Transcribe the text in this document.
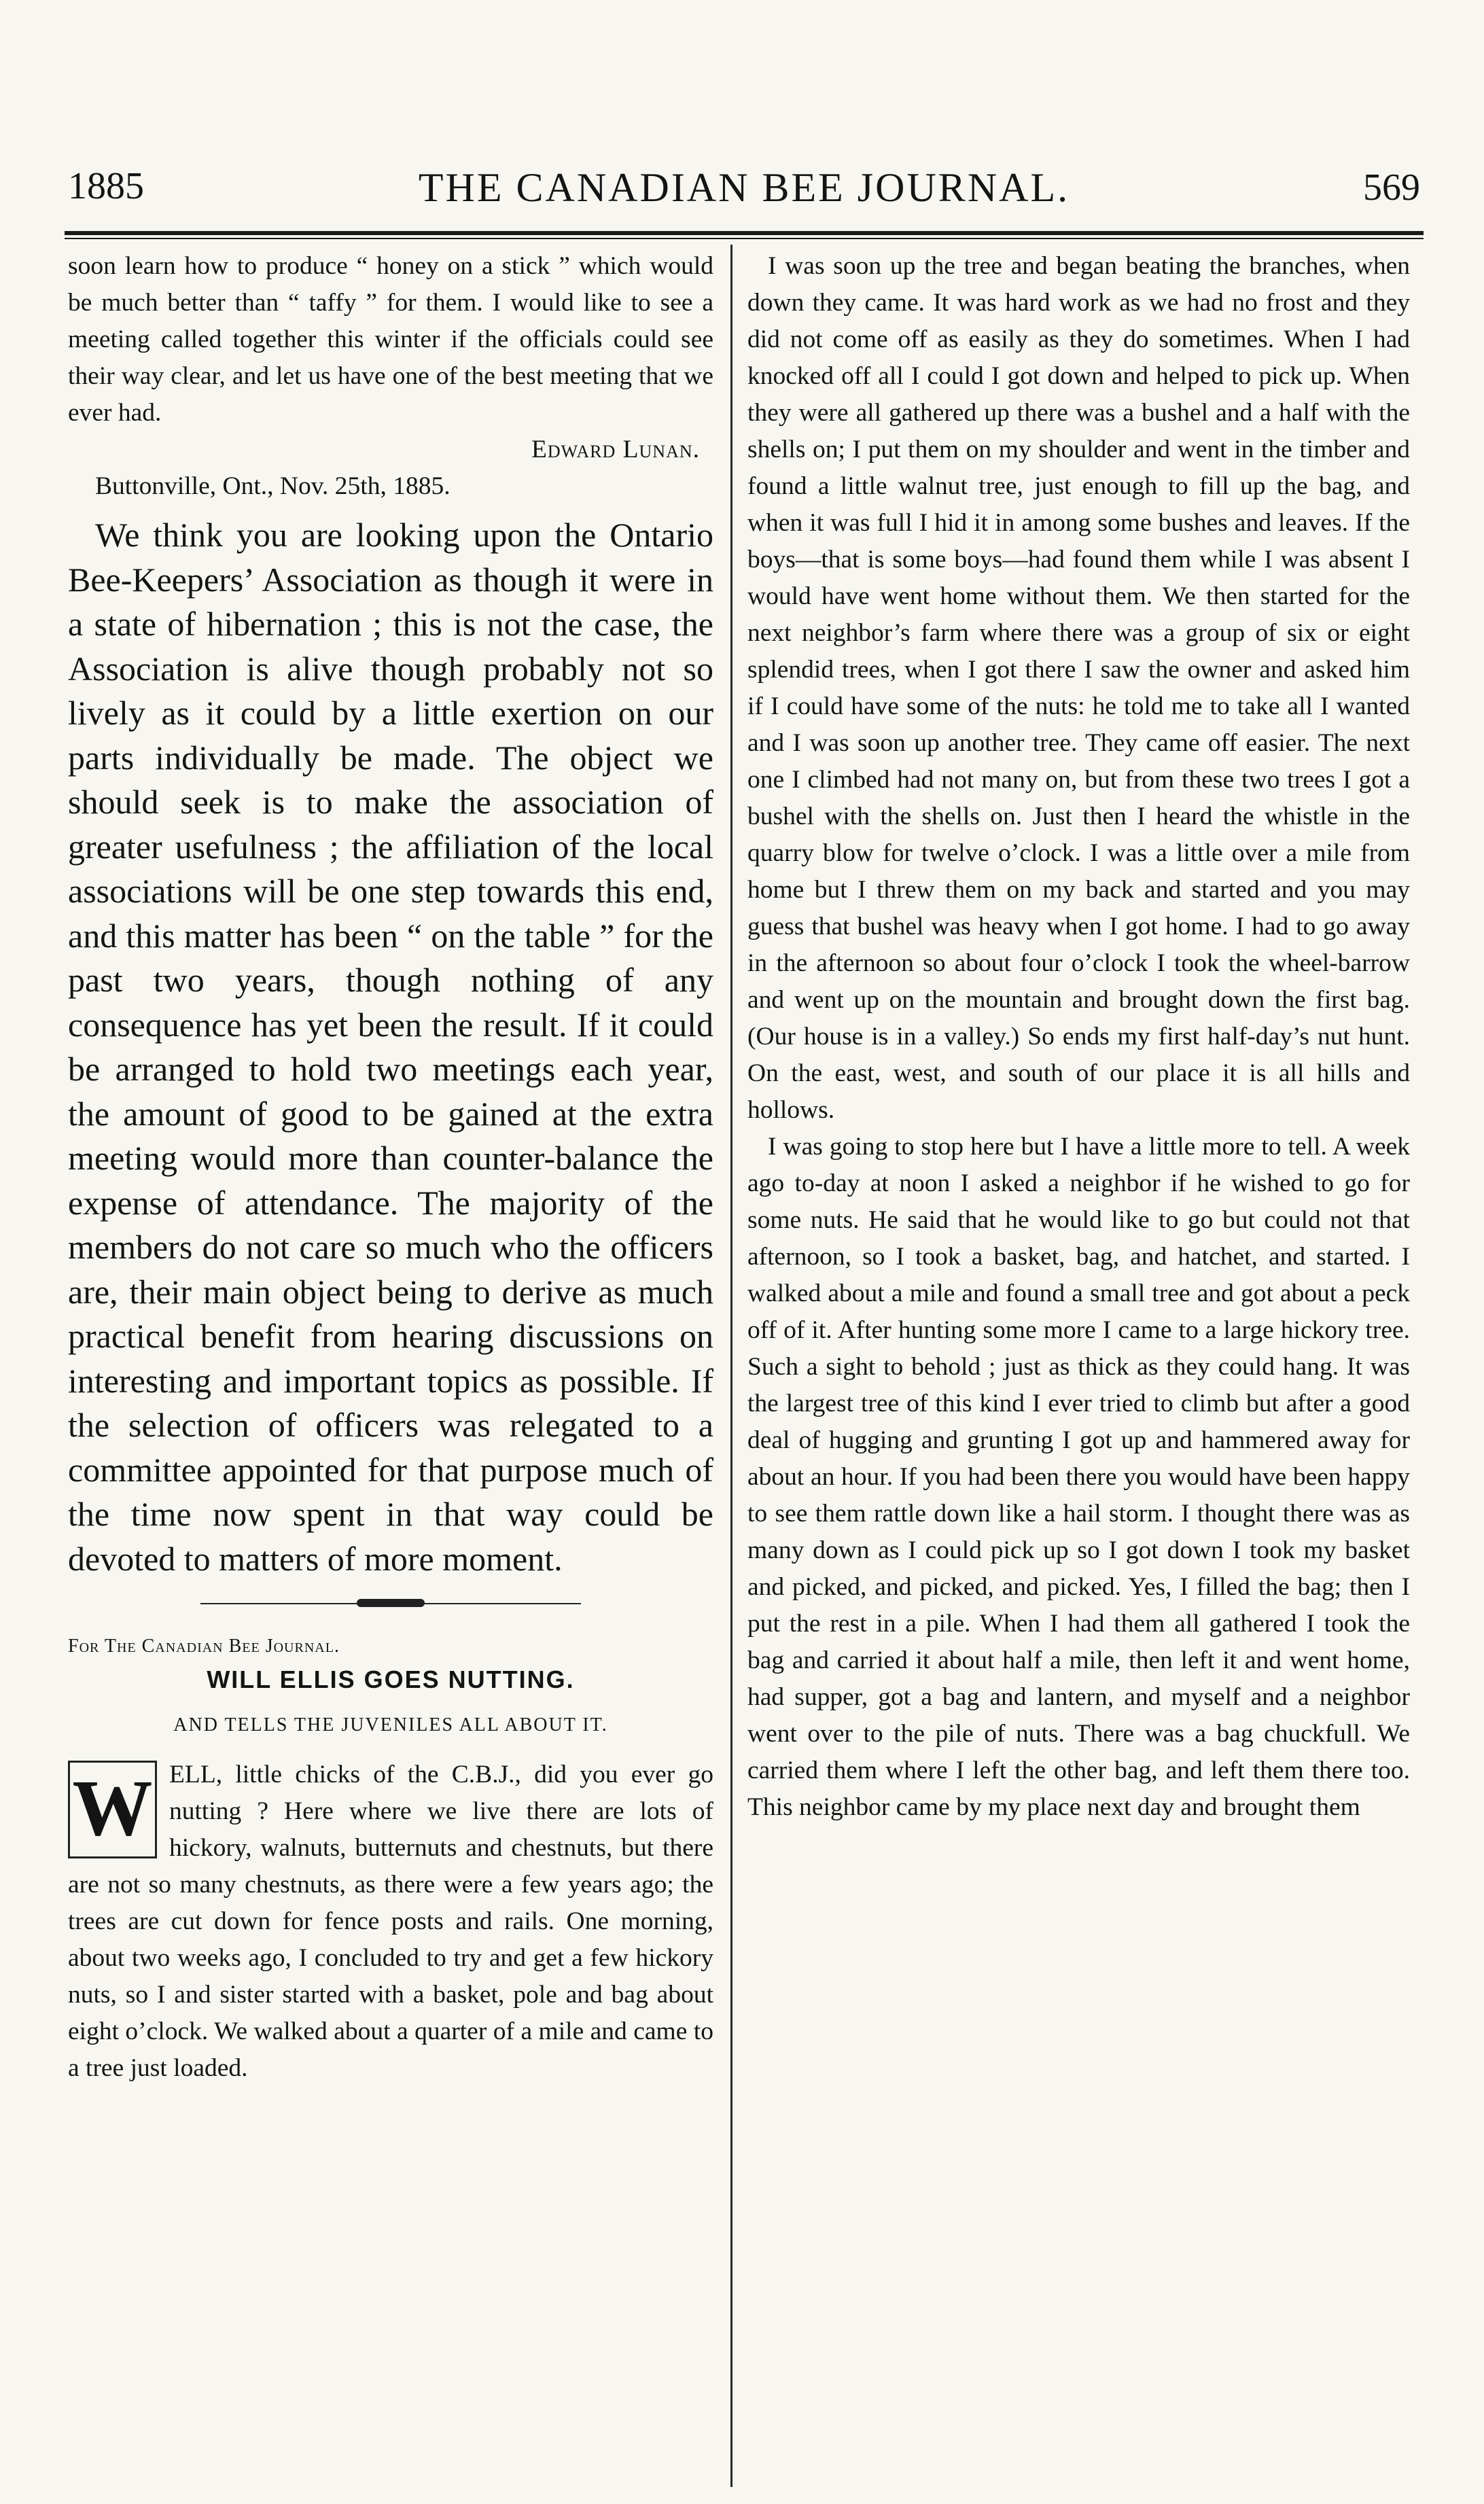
1885	THE CANADIAN BEE JOURNAL.	569

soon learn how to produce “ honey on a stick ” which would be much better than “ taffy ” for them. I would like to see a meeting called together this winter if the officials could see their way clear, and let us have one of the best meeting that we ever had.

Edward Lunan.

Buttonville, Ont., Nov. 25th, 1885.

We think you are looking upon the Ontario Bee-Keepers’ Association as though it were in a state of hibernation ; this is not the case, the Association is alive though probably not so lively as it could by a little exertion on our parts individually be made. The object we should seek is to make the association of greater usefulness ; the affiliation of the local associations will be one step towards this end, and this matter has been “ on the table ” for the past two years, though nothing of any consequence has yet been the result. If it could be arranged to hold two meetings each year, the amount of good to be gained at the extra meeting would more than counter-balance the expense of attendance. The majority of the members do not care so much who the officers are, their main object being to derive as much practical benefit from hearing discussions on interesting and important topics as possible. If the selection of officers was relegated to a committee appointed for that purpose much of the time now spent in that way could be devoted to matters of more moment.

For The Canadian Bee Journal.
WILL ELLIS GOES NUTTING.
AND TELLS THE JUVENILES ALL ABOUT IT.
W ELL, little chicks of the C.B.J., did you ever go nutting ? Here where we live there are lots of hickory, walnuts, butternuts and chestnuts, but there are not so many chestnuts, as there were a few years ago; the trees are cut down for fence posts and rails. One morning, about two weeks ago, I concluded to try and get a few hickory nuts, so I and sister started with a basket, pole and bag about eight o’clock. We walked about a quarter of a mile and came to a tree just loaded.

I was soon up the tree and began beating the branches, when down they came. It was hard work as we had no frost and they did not come off as easily as they do sometimes. When I had knocked off all I could I got down and helped to pick up. When they were all gathered up there was a bushel and a half with the shells on; I put them on my shoulder and went in the timber and found a little walnut tree, just enough to fill up the bag, and when it was full I hid it in among some bushes and leaves. If the boys—that is some boys—had found them while I was absent I would have went home without them. We then started for the next neighbor’s farm where there was a group of six or eight splendid trees, when I got there I saw the owner and asked him if I could have some of the nuts: he told me to take all I wanted and I was soon up another tree. They came off easier. The next one I climbed had not many on, but from these two trees I got a bushel with the shells on. Just then I heard the whistle in the quarry blow for twelve o’clock. I was a little over a mile from home but I threw them on my back and started and you may guess that bushel was heavy when I got home. I had to go away in the afternoon so about four o’clock I took the wheel-barrow and went up on the mountain and brought down the first bag. (Our house is in a valley.) So ends my first half-day’s nut hunt. On the east, west, and south of our place it is all hills and hollows.

I was going to stop here but I have a little more to tell. A week ago to-day at noon I asked a neighbor if he wished to go for some nuts. He said that he would like to go but could not that afternoon, so I took a basket, bag, and hatchet, and started. I walked about a mile and found a small tree and got about a peck off of it. After hunting some more I came to a large hickory tree. Such a sight to behold ; just as thick as they could hang. It was the largest tree of this kind I ever tried to climb but after a good deal of hugging and grunting I got up and hammered away for about an hour. If you had been there you would have been happy to see them rattle down like a hail storm. I thought there was as many down as I could pick up so I got down I took my basket and picked, and picked, and picked. Yes, I filled the bag; then I put the rest in a pile. When I had them all gathered I took the bag and carried it about half a mile, then left it and went home, had supper, got a bag and lantern, and myself and a neighbor went over to the pile of nuts. There was a bag chuckfull. We carried them where I left the other bag, and left them there too. This neighbor came by my place next day and brought them
